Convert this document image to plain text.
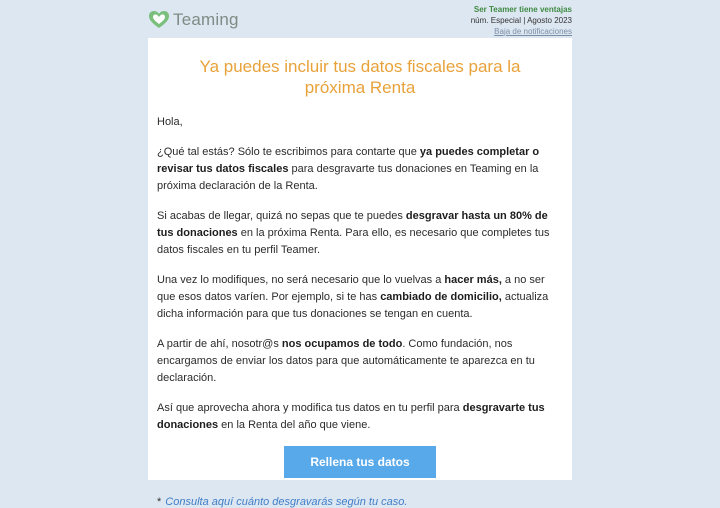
Teaming
Ser Teamer tiene ventajas
núm. Especial | Agosto 2023
Baja de notificaciones
Ya puedes incluir tus datos fiscales para la próxima Renta

Hola,

¿Qué tal estás? Sólo te escribimos para contarte que ya puedes completar o revisar tus datos fiscales para desgravarte tus donaciones en Teaming en la próxima declaración de la Renta.

Si acabas de llegar, quizá no sepas que te puedes desgravar hasta un 80% de tus donaciones en la próxima Renta. Para ello, es necesario que completes tus datos fiscales en tu perfil Teamer.

Una vez lo modifiques, no será necesario que lo vuelvas a hacer más, a no ser que esos datos varíen. Por ejemplo, si te has cambiado de domicilio, actualiza dicha información para que tus donaciones se tengan en cuenta.

A partir de ahí, nosotr@s nos ocupamos de todo. Como fundación, nos encargamos de enviar los datos para que automáticamente te aparezca en tu declaración.

Así que aprovecha ahora y modifica tus datos en tu perfil para desgravarte tus donaciones en la Renta del año que viene.

Rellena tus datos

* Consulta aquí cuánto desgravarás según tu caso.
